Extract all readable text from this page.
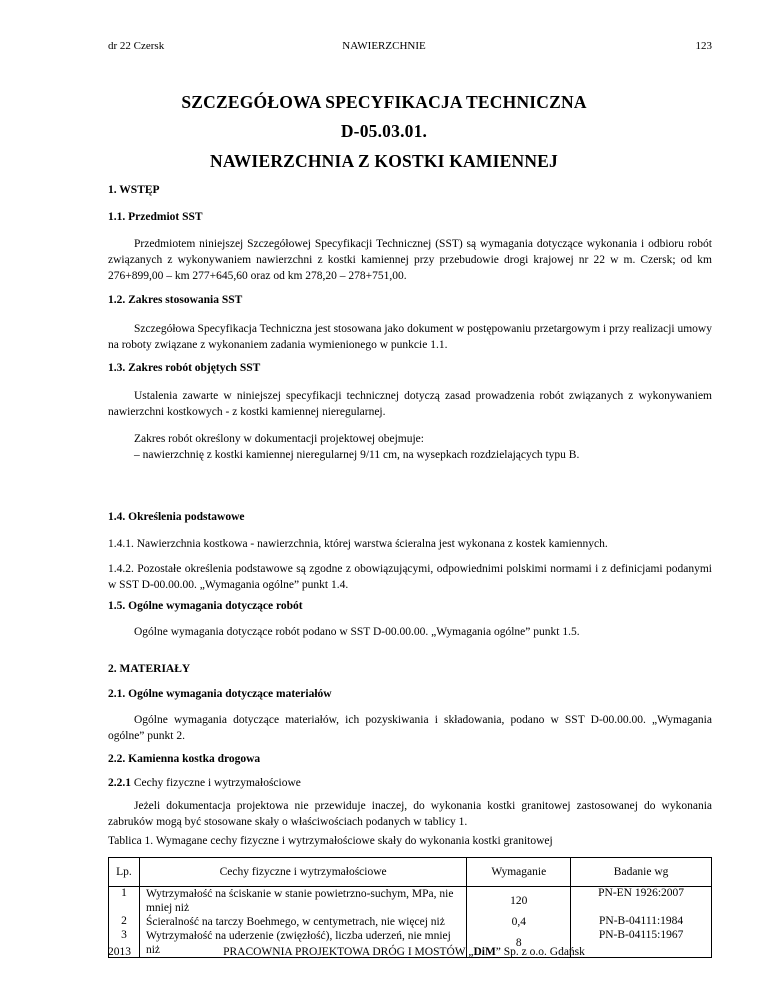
dr 22 Czersk	NAWIERZCHNIE	123
SZCZEGÓŁOWA SPECYFIKACJA TECHNICZNA
D-05.03.01.
NAWIERZCHNIA Z KOSTKI KAMIENNEJ
1. WSTĘP
1.1. Przedmiot SST
Przedmiotem niniejszej Szczegółowej Specyfikacji Technicznej (SST) są wymagania dotyczące wykonania i odbioru robót związanych z wykonywaniem nawierzchni z kostki kamiennej przy przebudowie drogi krajowej nr 22 w m. Czersk; od km 276+899,00 – km 277+645,60 oraz od km 278,20 – 278+751,00.
1.2. Zakres stosowania SST
Szczegółowa Specyfikacja Techniczna jest stosowana jako dokument w postępowaniu przetargowym i przy realizacji umowy na roboty związane z wykonaniem zadania wymienionego w punkcie 1.1.
1.3. Zakres robót objętych SST
Ustalenia zawarte w niniejszej specyfikacji technicznej dotyczą zasad prowadzenia robót związanych z wykonywaniem nawierzchni kostkowych - z kostki kamiennej nieregularnej.
Zakres robót określony w dokumentacji projektowej obejmuje:
– nawierzchnię z kostki kamiennej nieregularnej 9/11 cm, na wysepkach rozdzielających typu B.
1.4. Określenia podstawowe
1.4.1. Nawierzchnia kostkowa - nawierzchnia, której warstwa ścieralna jest wykonana z kostek kamiennych.
1.4.2. Pozostałe określenia podstawowe są zgodne z obowiązującymi, odpowiednimi polskimi normami i z definicjami podanymi w SST D-00.00.00. „Wymagania ogólne” punkt 1.4.
1.5. Ogólne wymagania dotyczące robót
Ogólne wymagania dotyczące robót podano w SST D-00.00.00. „Wymagania ogólne” punkt 1.5.
2. MATERIAŁY
2.1. Ogólne wymagania dotyczące materiałów
Ogólne wymagania dotyczące materiałów, ich pozyskiwania i składowania, podano w SST D-00.00.00. „Wymagania ogólne” punkt 2.
2.2. Kamienna kostka drogowa
2.2.1 Cechy fizyczne i wytrzymałościowe
Jeżeli dokumentacja projektowa nie przewiduje inaczej, do wykonania kostki granitowej zastosowanej do wykonania zabruków mogą być stosowane skały o właściwościach podanych w tablicy 1.
Tablica 1. Wymagane cechy fizyczne i wytrzymałościowe skały do wykonania kostki granitowej
Lp.	Cechy fizyczne i wytrzymałościowe	Wymaganie	Badanie wg
1	Wytrzymałość na ściskanie w stanie powietrzno-suchym, MPa, nie mniej niż	120	PN-EN 1926:2007
2	Ścieralność na tarczy Boehmego, w centymetrach, nie więcej niż	0,4	PN-B-04111:1984
3	Wytrzymałość na uderzenie (zwięzłość), liczba uderzeń, nie mniej niż	8	PN-B-04115:1967
2013	PRACOWNIA PROJEKTOWA DRÓG I MOSTÓW „DiM” Sp. z o.o. Gdańsk
